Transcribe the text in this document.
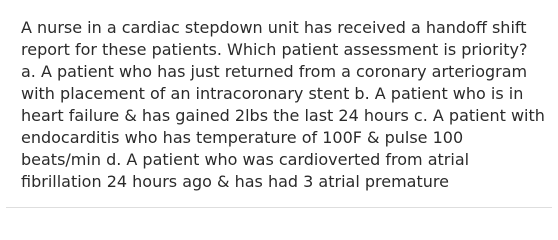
A nurse in a cardiac stepdown unit has received a handoff shift
report for these patients. Which patient assessment is priority?
a. A patient who has just returned from a coronary arteriogram
with placement of an intracoronary stent b. A patient who is in
heart failure & has gained 2lbs the last 24 hours c. A patient with
endocarditis who has temperature of 100F & pulse 100
beats/min d. A patient who was cardioverted from atrial
fibrillation 24 hours ago & has had 3 atrial premature
